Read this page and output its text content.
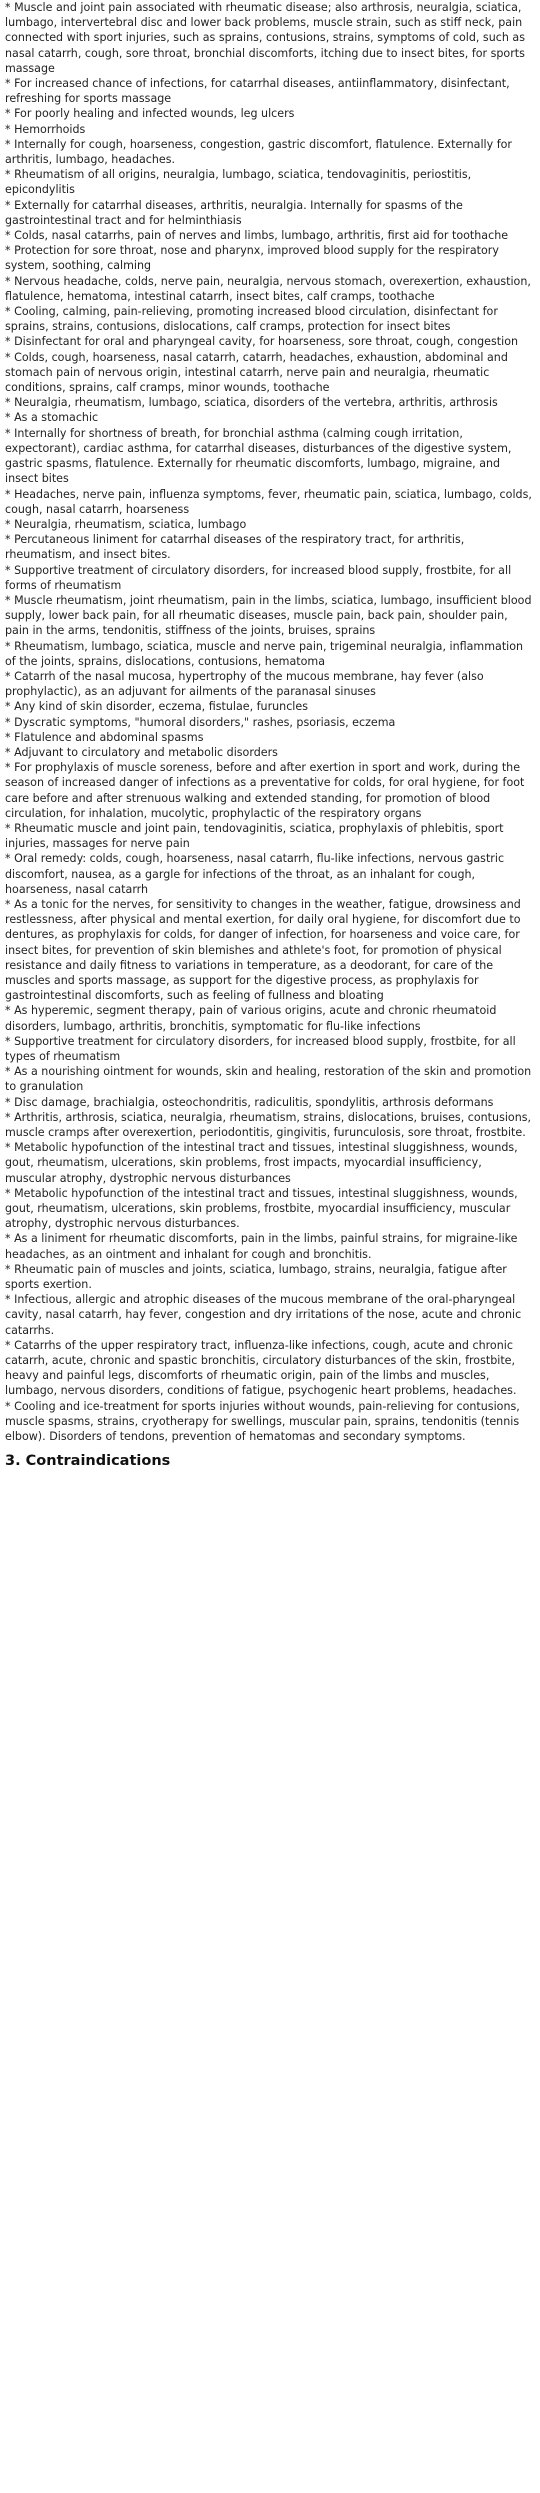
* Muscle and joint pain associated with rheumatic disease; also arthrosis, neuralgia, sciatica, lumbago, intervertebral disc and lower back problems, muscle strain, such as stiff neck, pain connected with sport injuries, such as sprains, contusions, strains, symptoms of cold, such as nasal catarrh, cough, sore throat, bronchial discomforts, itching due to insect bites, for sports massage

* For increased chance of infections, for catarrhal diseases, antiinflammatory, disinfectant, refreshing for sports massage

* For poorly healing and infected wounds, leg ulcers

* Hemorrhoids

* Internally for cough, hoarseness, congestion, gastric discomfort, flatulence. Externally for arthritis, lumbago, headaches.

* Rheumatism of all origins, neuralgia, lumbago, sciatica, tendovaginitis, periostitis, epicondylitis

* Externally for catarrhal diseases, arthritis, neuralgia. Internally for spasms of the gastrointestinal tract and for helminthiasis

* Colds, nasal catarrhs, pain of nerves and limbs, lumbago, arthritis, first aid for toothache

* Protection for sore throat, nose and pharynx, improved blood supply for the respiratory system, soothing, calming

* Nervous headache, colds, nerve pain, neuralgia, nervous stomach, overexertion, exhaustion, flatulence, hematoma, intestinal catarrh, insect bites, calf cramps, toothache

* Cooling, calming, pain-relieving, promoting increased blood circulation, disinfectant for sprains, strains, contusions, dislocations, calf cramps, protection for insect bites

* Disinfectant for oral and pharyngeal cavity, for hoarseness, sore throat, cough, congestion

* Colds, cough, hoarseness, nasal catarrh, catarrh, headaches, exhaustion, abdominal and stomach pain of nervous origin, intestinal catarrh, nerve pain and neuralgia, rheumatic conditions, sprains, calf cramps, minor wounds, toothache

* Neuralgia, rheumatism, lumbago, sciatica, disorders of the vertebra, arthritis, arthrosis

* As a stomachic

* Internally for shortness of breath, for bronchial asthma (calming cough irritation, expectorant), cardiac asthma, for catarrhal diseases, disturbances of the digestive system, gastric spasms, flatulence. Externally for rheumatic discomforts, lumbago, migraine, and insect bites

* Headaches, nerve pain, influenza symptoms, fever, rheumatic pain, sciatica, lumbago, colds, cough, nasal catarrh, hoarseness

* Neuralgia, rheumatism, sciatica, lumbago

* Percutaneous liniment for catarrhal diseases of the respiratory tract, for arthritis, rheumatism, and insect bites.

* Supportive treatment of circulatory disorders, for increased blood supply, frostbite, for all forms of rheumatism

* Muscle rheumatism, joint rheumatism, pain in the limbs, sciatica, lumbago, insufficient blood supply, lower back pain, for all rheumatic diseases, muscle pain, back pain, shoulder pain, pain in the arms, tendonitis, stiffness of the joints, bruises, sprains

* Rheumatism, lumbago, sciatica, muscle and nerve pain, trigeminal neuralgia, inflammation of the joints, sprains, dislocations, contusions, hematoma

* Catarrh of the nasal mucosa, hypertrophy of the mucous membrane, hay fever (also prophylactic), as an adjuvant for ailments of the paranasal sinuses

* Any kind of skin disorder, eczema, fistulae, furuncles

* Dyscratic symptoms, "humoral disorders," rashes, psoriasis, eczema

* Flatulence and abdominal spasms

* Adjuvant to circulatory and metabolic disorders

* For prophylaxis of muscle soreness, before and after exertion in sport and work, during the season of increased danger of infections as a preventative for colds, for oral hygiene, for foot care before and after strenuous walking and extended standing, for promotion of blood circulation, for inhalation, mucolytic, prophylactic of the respiratory organs

* Rheumatic muscle and joint pain, tendovaginitis, sciatica, prophylaxis of phlebitis, sport injuries, massages for nerve pain

* Oral remedy: colds, cough, hoarseness, nasal catarrh, flu-like infections, nervous gastric discomfort, nausea, as a gargle for infections of the throat, as an inhalant for cough, hoarseness, nasal catarrh

* As a tonic for the nerves, for sensitivity to changes in the weather, fatigue, drowsiness and restlessness, after physical and mental exertion, for daily oral hygiene, for discomfort due to dentures, as prophylaxis for colds, for danger of infection, for hoarseness and voice care, for insect bites, for prevention of skin blemishes and athlete's foot, for promotion of physical resistance and daily fitness to variations in temperature, as a deodorant, for care of the muscles and sports massage, as support for the digestive process, as prophylaxis for gastrointestinal discomforts, such as feeling of fullness and bloating

* As hyperemic, segment therapy, pain of various origins, acute and chronic rheumatoid disorders, lumbago, arthritis, bronchitis, symptomatic for flu-like infections

* Supportive treatment for circulatory disorders, for increased blood supply, frostbite, for all types of rheumatism

* As a nourishing ointment for wounds, skin and healing, restoration of the skin and promotion to granulation

* Disc damage, brachialgia, osteochondritis, radiculitis, spondylitis, arthrosis deformans

* Arthritis, arthrosis, sciatica, neuralgia, rheumatism, strains, dislocations, bruises, contusions, muscle cramps after overexertion, periodontitis, gingivitis, furunculosis, sore throat, frostbite.

* Metabolic hypofunction of the intestinal tract and tissues, intestinal sluggishness, wounds, gout, rheumatism, ulcerations, skin problems, frost impacts, myocardial insufficiency, muscular atrophy, dystrophic nervous disturbances

* Metabolic hypofunction of the intestinal tract and tissues, intestinal sluggishness, wounds, gout, rheumatism, ulcerations, skin problems, frostbite, myocardial insufficiency, muscular atrophy, dystrophic nervous disturbances.

* As a liniment for rheumatic discomforts, pain in the limbs, painful strains, for migraine-like headaches, as an ointment and inhalant for cough and bronchitis.

* Rheumatic pain of muscles and joints, sciatica, lumbago, strains, neuralgia, fatigue after sports exertion.

* Infectious, allergic and atrophic diseases of the mucous membrane of the oral-pharyngeal cavity, nasal catarrh, hay fever, congestion and dry irritations of the nose, acute and chronic catarrhs.

* Catarrhs of the upper respiratory tract, influenza-like infections, cough, acute and chronic catarrh, acute, chronic and spastic bronchitis, circulatory disturbances of the skin, frostbite, heavy and painful legs, discomforts of rheumatic origin, pain of the limbs and muscles, lumbago, nervous disorders, conditions of fatigue, psychogenic heart problems, headaches.

* Cooling and ice-treatment for sports injuries without wounds, pain-relieving for contusions, muscle spasms, strains, cryotherapy for swellings, muscular pain, sprains, tendonitis (tennis elbow). Disorders of tendons, prevention of hematomas and secondary symptoms.

3. Contraindications
